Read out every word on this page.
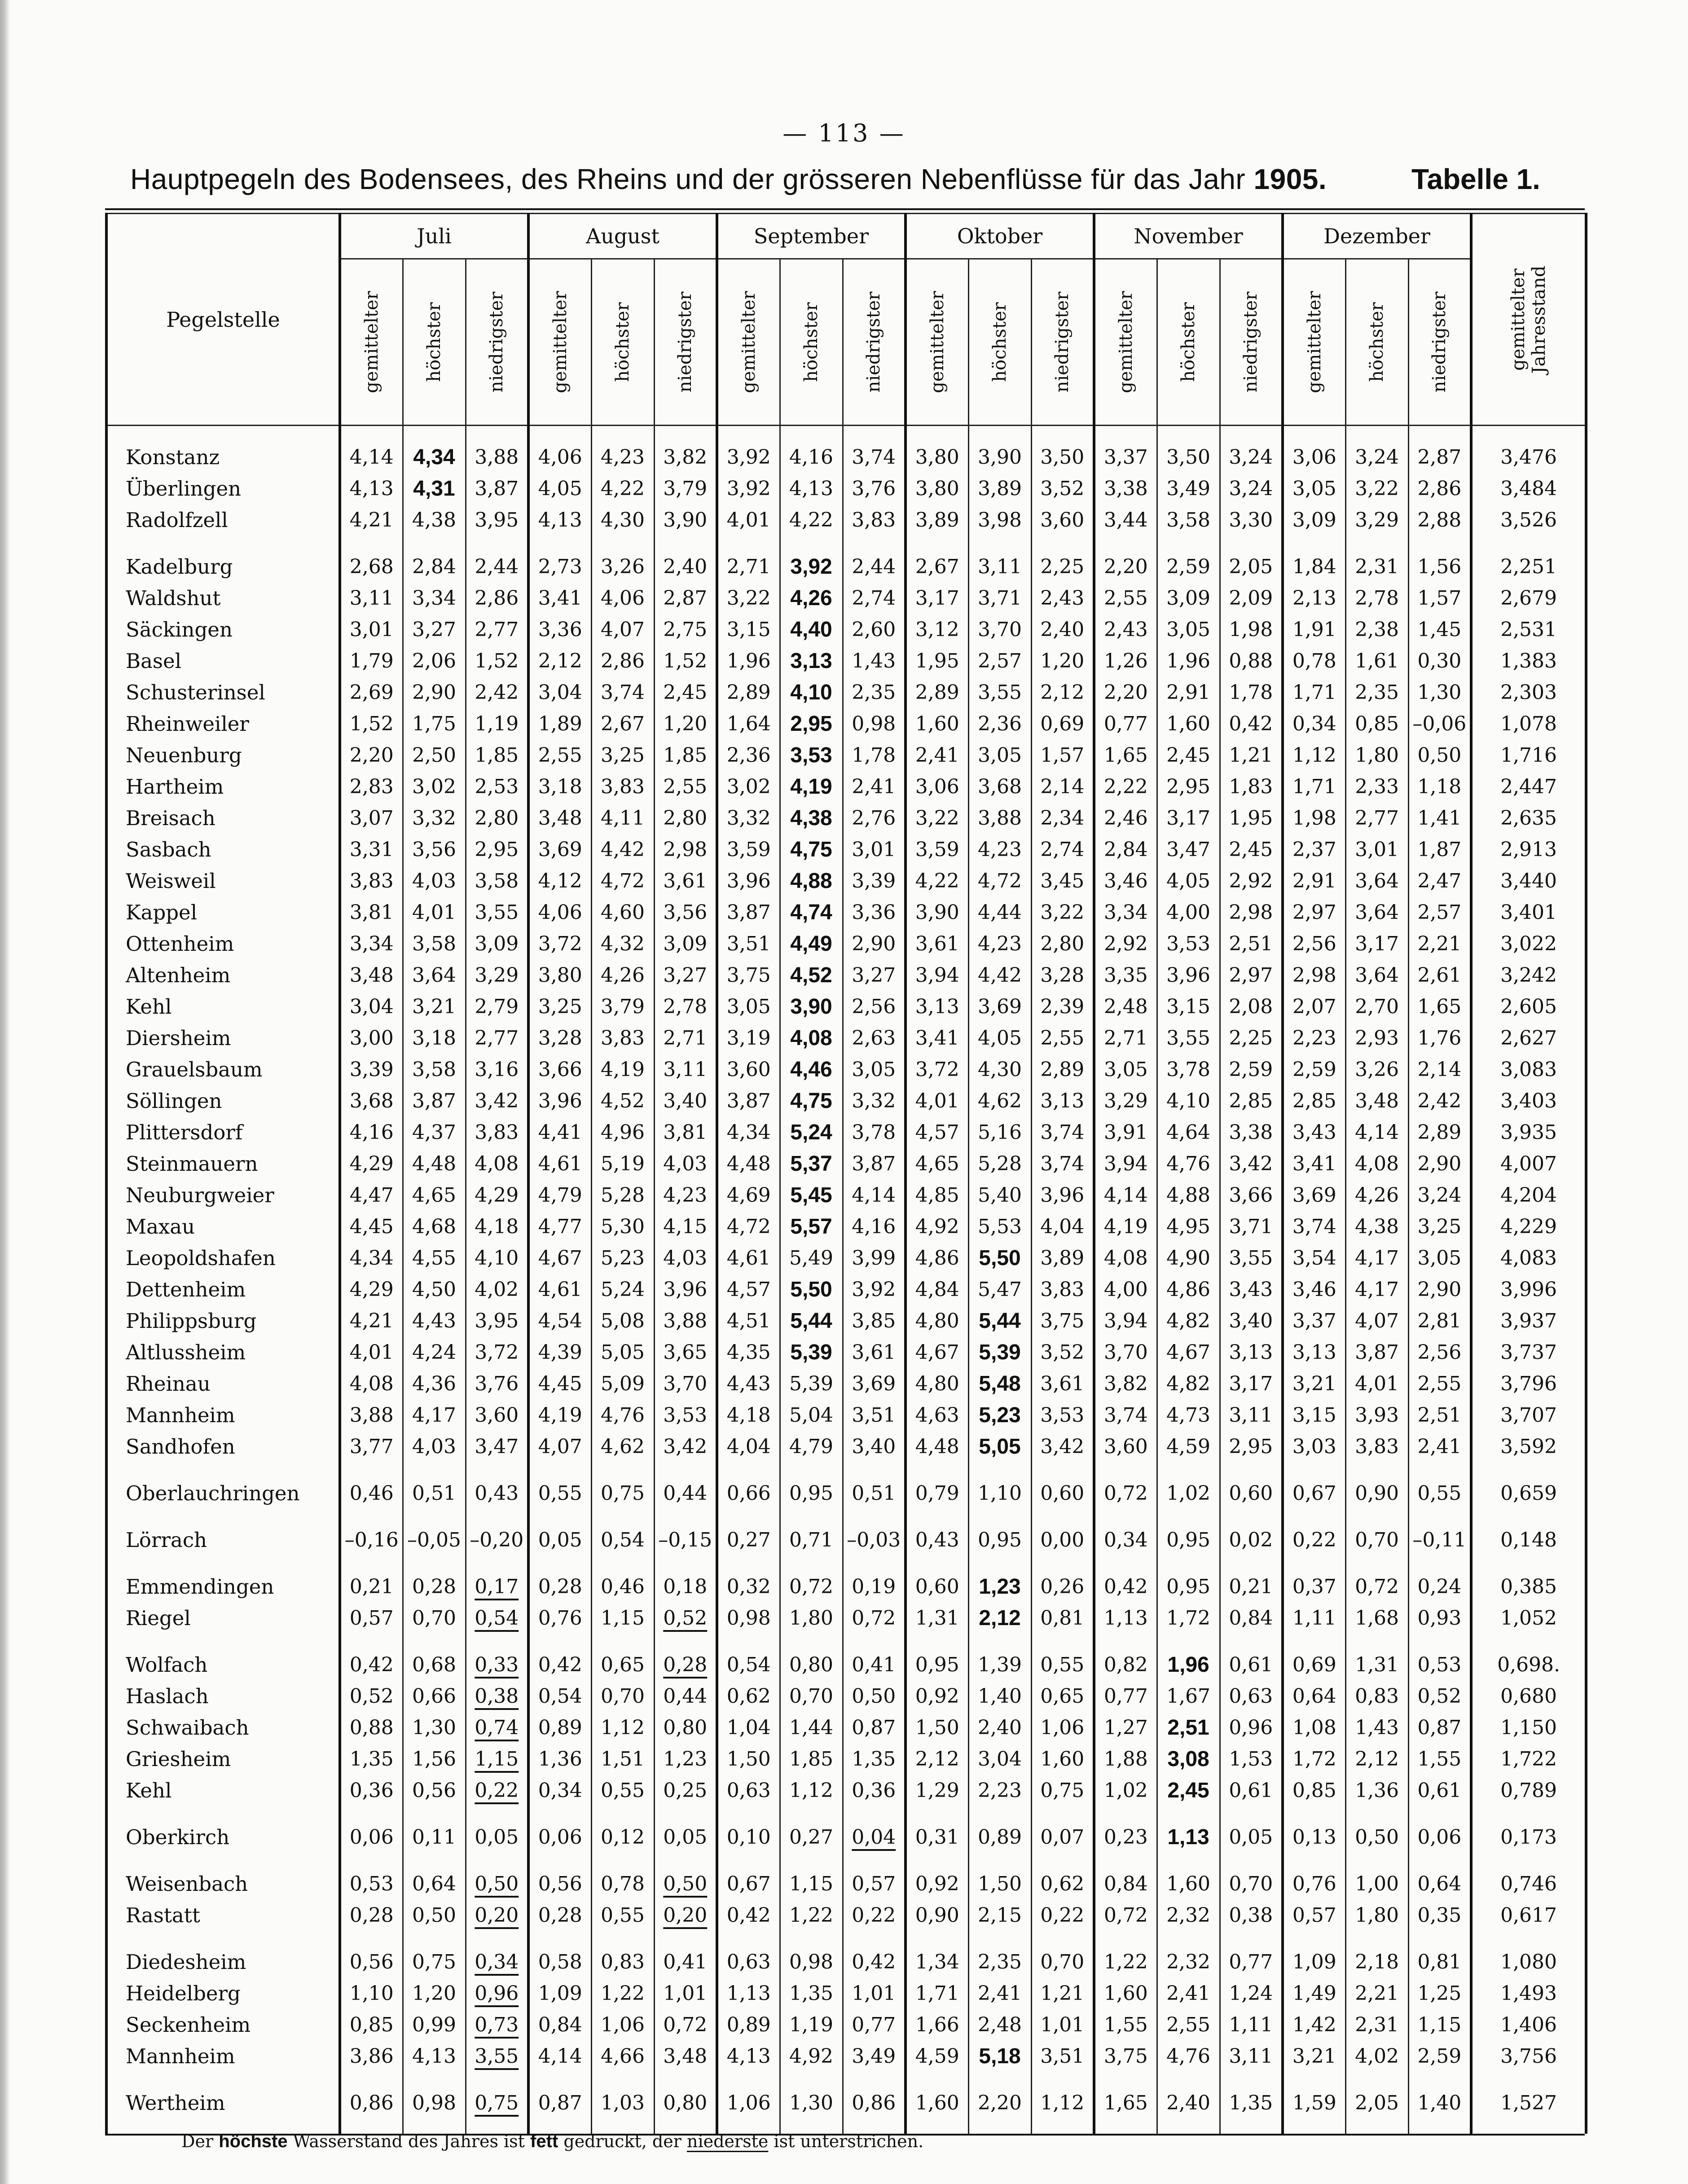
— 113 —
Hauptpegeln des Bodensees, des Rheins und der grösseren Nebenflüsse für das Jahr 1905.	Tabelle 1.
Pegelstelle	Juli			August			September			Oktober			November			Dezember			gemittelter Jahresstand

	gemittelter	höchster	niedrigster	gemittelter	höchster	niedrigster	gemittelter	höchster	niedrigster	gemittelter	höchster	niedrigster	gemittelter	höchster	niedrigster	gemittelter	höchster	niedrigster	

Konstanz	4,14	4,34	3,88	4,06	4,23	3,82	3,92	4,16	3,74	3,80	3,90	3,50	3,37	3,50	3,24	3,06	3,24	2,87	3,476
Überlingen	4,13	4,31	3,87	4,05	4,22	3,79	3,92	4,13	3,76	3,80	3,89	3,52	3,38	3,49	3,24	3,05	3,22	2,86	3,484
Radolfzell	4,21	4,38	3,95	4,13	4,30	3,90	4,01	4,22	3,83	3,89	3,98	3,60	3,44	3,58	3,30	3,09	3,29	2,88	3,526

Kadelburg	2,68	2,84	2,44	2,73	3,26	2,40	2,71	3,92	2,44	2,67	3,11	2,25	2,20	2,59	2,05	1,84	2,31	1,56	2,251
Waldshut	3,11	3,34	2,86	3,41	4,06	2,87	3,22	4,26	2,74	3,17	3,71	2,43	2,55	3,09	2,09	2,13	2,78	1,57	2,679
Säckingen	3,01	3,27	2,77	3,36	4,07	2,75	3,15	4,40	2,60	3,12	3,70	2,40	2,43	3,05	1,98	1,91	2,38	1,45	2,531
Basel	1,79	2,06	1,52	2,12	2,86	1,52	1,96	3,13	1,43	1,95	2,57	1,20	1,26	1,96	0,88	0,78	1,61	0,30	1,383
Schusterinsel	2,69	2,90	2,42	3,04	3,74	2,45	2,89	4,10	2,35	2,89	3,55	2,12	2,20	2,91	1,78	1,71	2,35	1,30	2,303
Rheinweiler	1,52	1,75	1,19	1,89	2,67	1,20	1,64	2,95	0,98	1,60	2,36	0,69	0,77	1,60	0,42	0,34	0,85	–0,06	1,078
Neuenburg	2,20	2,50	1,85	2,55	3,25	1,85	2,36	3,53	1,78	2,41	3,05	1,57	1,65	2,45	1,21	1,12	1,80	0,50	1,716
Hartheim	2,83	3,02	2,53	3,18	3,83	2,55	3,02	4,19	2,41	3,06	3,68	2,14	2,22	2,95	1,83	1,71	2,33	1,18	2,447
Breisach	3,07	3,32	2,80	3,48	4,11	2,80	3,32	4,38	2,76	3,22	3,88	2,34	2,46	3,17	1,95	1,98	2,77	1,41	2,635
Sasbach	3,31	3,56	2,95	3,69	4,42	2,98	3,59	4,75	3,01	3,59	4,23	2,74	2,84	3,47	2,45	2,37	3,01	1,87	2,913
Weisweil	3,83	4,03	3,58	4,12	4,72	3,61	3,96	4,88	3,39	4,22	4,72	3,45	3,46	4,05	2,92	2,91	3,64	2,47	3,440
Kappel	3,81	4,01	3,55	4,06	4,60	3,56	3,87	4,74	3,36	3,90	4,44	3,22	3,34	4,00	2,98	2,97	3,64	2,57	3,401
Ottenheim	3,34	3,58	3,09	3,72	4,32	3,09	3,51	4,49	2,90	3,61	4,23	2,80	2,92	3,53	2,51	2,56	3,17	2,21	3,022
Altenheim	3,48	3,64	3,29	3,80	4,26	3,27	3,75	4,52	3,27	3,94	4,42	3,28	3,35	3,96	2,97	2,98	3,64	2,61	3,242
Kehl	3,04	3,21	2,79	3,25	3,79	2,78	3,05	3,90	2,56	3,13	3,69	2,39	2,48	3,15	2,08	2,07	2,70	1,65	2,605
Diersheim	3,00	3,18	2,77	3,28	3,83	2,71	3,19	4,08	2,63	3,41	4,05	2,55	2,71	3,55	2,25	2,23	2,93	1,76	2,627
Grauelsbaum	3,39	3,58	3,16	3,66	4,19	3,11	3,60	4,46	3,05	3,72	4,30	2,89	3,05	3,78	2,59	2,59	3,26	2,14	3,083
Söllingen	3,68	3,87	3,42	3,96	4,52	3,40	3,87	4,75	3,32	4,01	4,62	3,13	3,29	4,10	2,85	2,85	3,48	2,42	3,403
Plittersdorf	4,16	4,37	3,83	4,41	4,96	3,81	4,34	5,24	3,78	4,57	5,16	3,74	3,91	4,64	3,38	3,43	4,14	2,89	3,935
Steinmauern	4,29	4,48	4,08	4,61	5,19	4,03	4,48	5,37	3,87	4,65	5,28	3,74	3,94	4,76	3,42	3,41	4,08	2,90	4,007
Neuburgweier	4,47	4,65	4,29	4,79	5,28	4,23	4,69	5,45	4,14	4,85	5,40	3,96	4,14	4,88	3,66	3,69	4,26	3,24	4,204
Maxau	4,45	4,68	4,18	4,77	5,30	4,15	4,72	5,57	4,16	4,92	5,53	4,04	4,19	4,95	3,71	3,74	4,38	3,25	4,229
Leopoldshafen	4,34	4,55	4,10	4,67	5,23	4,03	4,61	5,49	3,99	4,86	5,50	3,89	4,08	4,90	3,55	3,54	4,17	3,05	4,083
Dettenheim	4,29	4,50	4,02	4,61	5,24	3,96	4,57	5,50	3,92	4,84	5,47	3,83	4,00	4,86	3,43	3,46	4,17	2,90	3,996
Philippsburg	4,21	4,43	3,95	4,54	5,08	3,88	4,51	5,44	3,85	4,80	5,44	3,75	3,94	4,82	3,40	3,37	4,07	2,81	3,937
Altlussheim	4,01	4,24	3,72	4,39	5,05	3,65	4,35	5,39	3,61	4,67	5,39	3,52	3,70	4,67	3,13	3,13	3,87	2,56	3,737
Rheinau	4,08	4,36	3,76	4,45	5,09	3,70	4,43	5,39	3,69	4,80	5,48	3,61	3,82	4,82	3,17	3,21	4,01	2,55	3,796
Mannheim	3,88	4,17	3,60	4,19	4,76	3,53	4,18	5,04	3,51	4,63	5,23	3,53	3,74	4,73	3,11	3,15	3,93	2,51	3,707
Sandhofen	3,77	4,03	3,47	4,07	4,62	3,42	4,04	4,79	3,40	4,48	5,05	3,42	3,60	4,59	2,95	3,03	3,83	2,41	3,592

Oberlauchringen	0,46	0,51	0,43	0,55	0,75	0,44	0,66	0,95	0,51	0,79	1,10	0,60	0,72	1,02	0,60	0,67	0,90	0,55	0,659

Lörrach	–0,16	–0,05	–0,20	0,05	0,54	–0,15	0,27	0,71	–0,03	0,43	0,95	0,00	0,34	0,95	0,02	0,22	0,70	–0,11	0,148

Emmendingen	0,21	0,28	0,17	0,28	0,46	0,18	0,32	0,72	0,19	0,60	1,23	0,26	0,42	0,95	0,21	0,37	0,72	0,24	0,385
Riegel	0,57	0,70	0,54	0,76	1,15	0,52	0,98	1,80	0,72	1,31	2,12	0,81	1,13	1,72	0,84	1,11	1,68	0,93	1,052

Wolfach	0,42	0,68	0,33	0,42	0,65	0,28	0,54	0,80	0,41	0,95	1,39	0,55	0,82	1,96	0,61	0,69	1,31	0,53	0,698.
Haslach	0,52	0,66	0,38	0,54	0,70	0,44	0,62	0,70	0,50	0,92	1,40	0,65	0,77	1,67	0,63	0,64	0,83	0,52	0,680
Schwaibach	0,88	1,30	0,74	0,89	1,12	0,80	1,04	1,44	0,87	1,50	2,40	1,06	1,27	2,51	0,96	1,08	1,43	0,87	1,150
Griesheim	1,35	1,56	1,15	1,36	1,51	1,23	1,50	1,85	1,35	2,12	3,04	1,60	1,88	3,08	1,53	1,72	2,12	1,55	1,722
Kehl	0,36	0,56	0,22	0,34	0,55	0,25	0,63	1,12	0,36	1,29	2,23	0,75	1,02	2,45	0,61	0,85	1,36	0,61	0,789

Oberkirch	0,06	0,11	0,05	0,06	0,12	0,05	0,10	0,27	0,04	0,31	0,89	0,07	0,23	1,13	0,05	0,13	0,50	0,06	0,173

Weisenbach	0,53	0,64	0,50	0,56	0,78	0,50	0,67	1,15	0,57	0,92	1,50	0,62	0,84	1,60	0,70	0,76	1,00	0,64	0,746
Rastatt	0,28	0,50	0,20	0,28	0,55	0,20	0,42	1,22	0,22	0,90	2,15	0,22	0,72	2,32	0,38	0,57	1,80	0,35	0,617

Diedesheim	0,56	0,75	0,34	0,58	0,83	0,41	0,63	0,98	0,42	1,34	2,35	0,70	1,22	2,32	0,77	1,09	2,18	0,81	1,080
Heidelberg	1,10	1,20	0,96	1,09	1,22	1,01	1,13	1,35	1,01	1,71	2,41	1,21	1,60	2,41	1,24	1,49	2,21	1,25	1,493
Seckenheim	0,85	0,99	0,73	0,84	1,06	0,72	0,89	1,19	0,77	1,66	2,48	1,01	1,55	2,55	1,11	1,42	2,31	1,15	1,406
Mannheim	3,86	4,13	3,55	4,14	4,66	3,48	4,13	4,92	3,49	4,59	5,18	3,51	3,75	4,76	3,11	3,21	4,02	2,59	3,756

Wertheim	0,86	0,98	0,75	0,87	1,03	0,80	1,06	1,30	0,86	1,60	2,20	1,12	1,65	2,40	1,35	1,59	2,05	1,40	1,527

Der höchste Wasserstand des Jahres ist fett gedruckt, der niederste ist unterstrichen.
